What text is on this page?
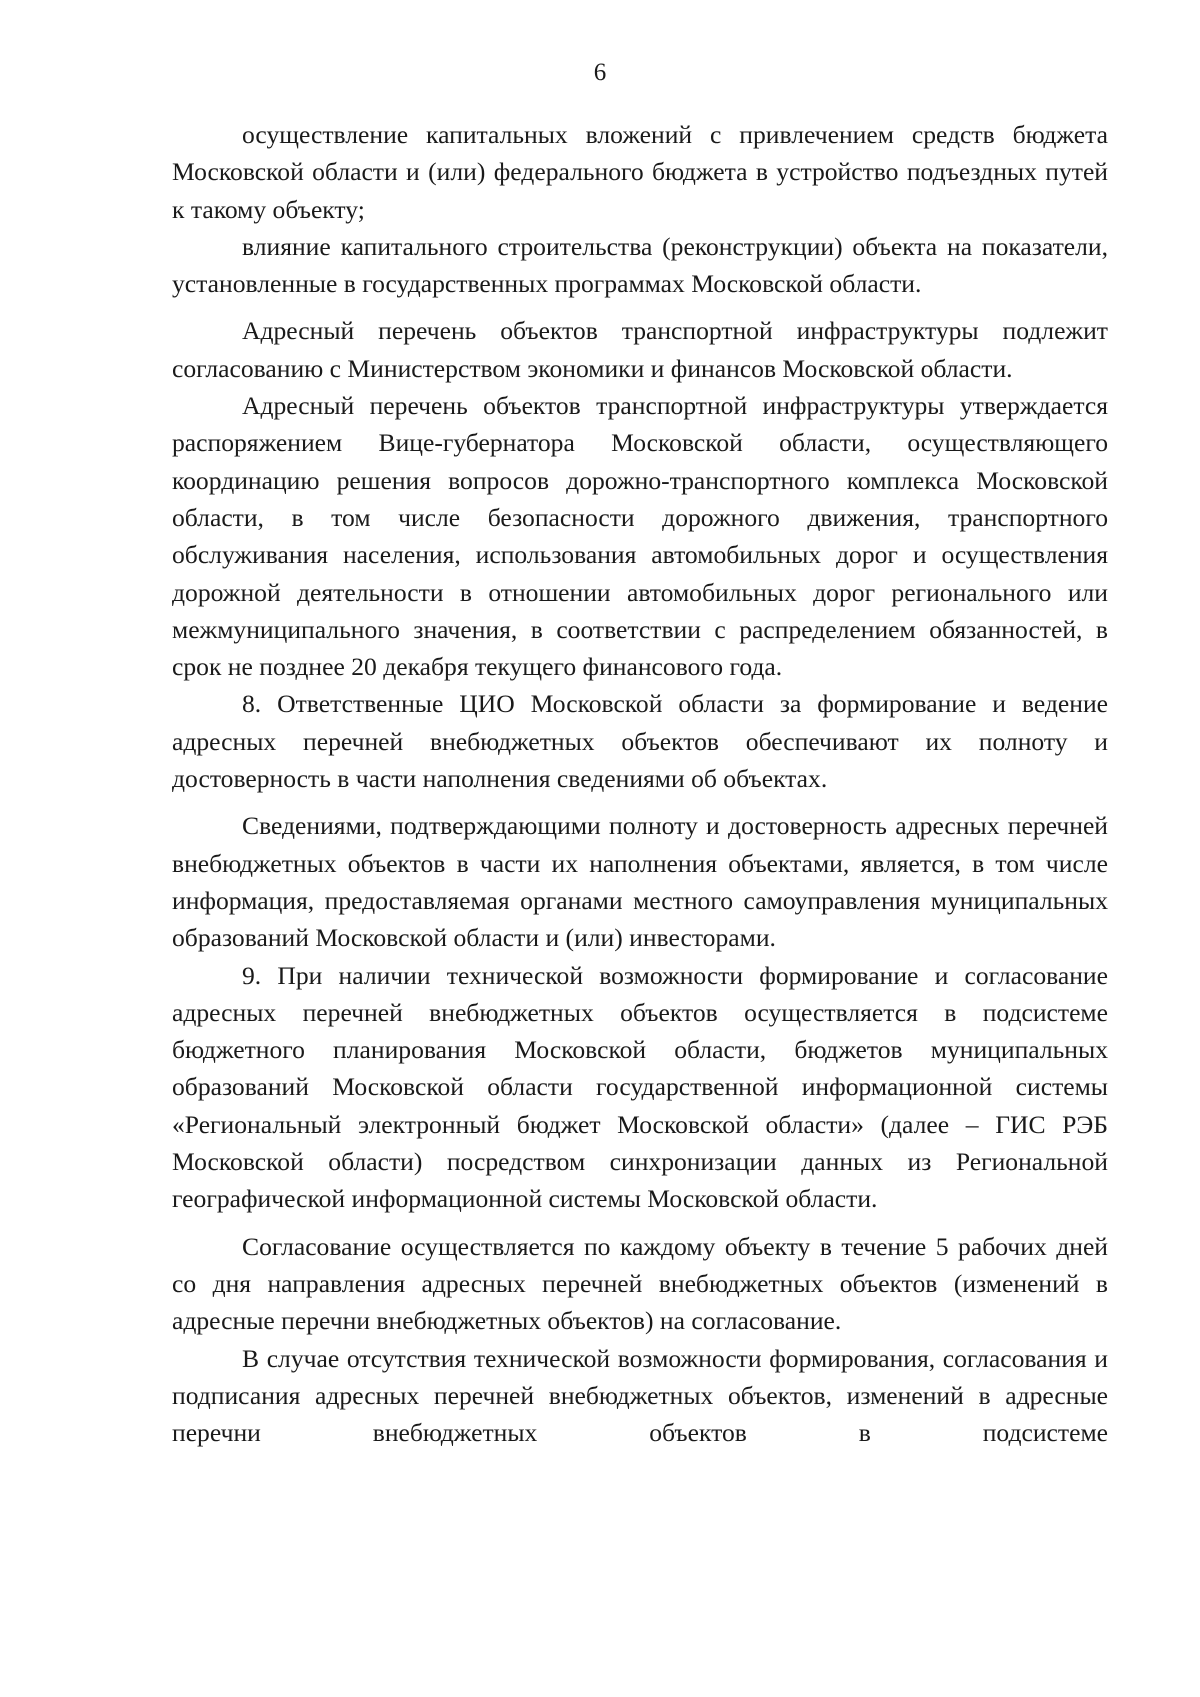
6

осуществление капитальных вложений с привлечением средств бюджета Московской области и (или) федерального бюджета в устройство подъездных путей к такому объекту;

влияние капитального строительства (реконструкции) объекта на показатели, установленные в государственных программах Московской области.

Адресный перечень объектов транспортной инфраструктуры подлежит согласованию с Министерством экономики и финансов Московской области.

Адресный перечень объектов транспортной инфраструктуры утверждается распоряжением Вице-губернатора Московской области, осуществляющего координацию решения вопросов дорожно-транспортного комплекса Московской области, в том числе безопасности дорожного движения, транспортного обслуживания населения, использования автомобильных дорог и осуществления дорожной деятельности в отношении автомобильных дорог регионального или межмуниципального значения, в соответствии с распределением обязанностей, в срок не позднее 20 декабря текущего финансового года.

8. Ответственные ЦИО Московской области за формирование и ведение адресных перечней внебюджетных объектов обеспечивают их полноту и достоверность в части наполнения сведениями об объектах.

Сведениями, подтверждающими полноту и достоверность адресных перечней внебюджетных объектов в части их наполнения объектами, является, в том числе информация, предоставляемая органами местного самоуправления муниципальных образований Московской области и (или) инвесторами.

9. При наличии технической возможности формирование и согласование адресных перечней внебюджетных объектов осуществляется в подсистеме бюджетного планирования Московской области, бюджетов муниципальных образований Московской области государственной информационной системы «Региональный электронный бюджет Московской области» (далее – ГИС РЭБ Московской области) посредством синхронизации данных из Региональной географической информационной системы Московской области.

Согласование осуществляется по каждому объекту в течение 5 рабочих дней со дня направления адресных перечней внебюджетных объектов (изменений в адресные перечни внебюджетных объектов) на согласование.

В случае отсутствия технической возможности формирования, согласования и подписания адресных перечней внебюджетных объектов, изменений в адресные перечни внебюджетных объектов в подсистеме
